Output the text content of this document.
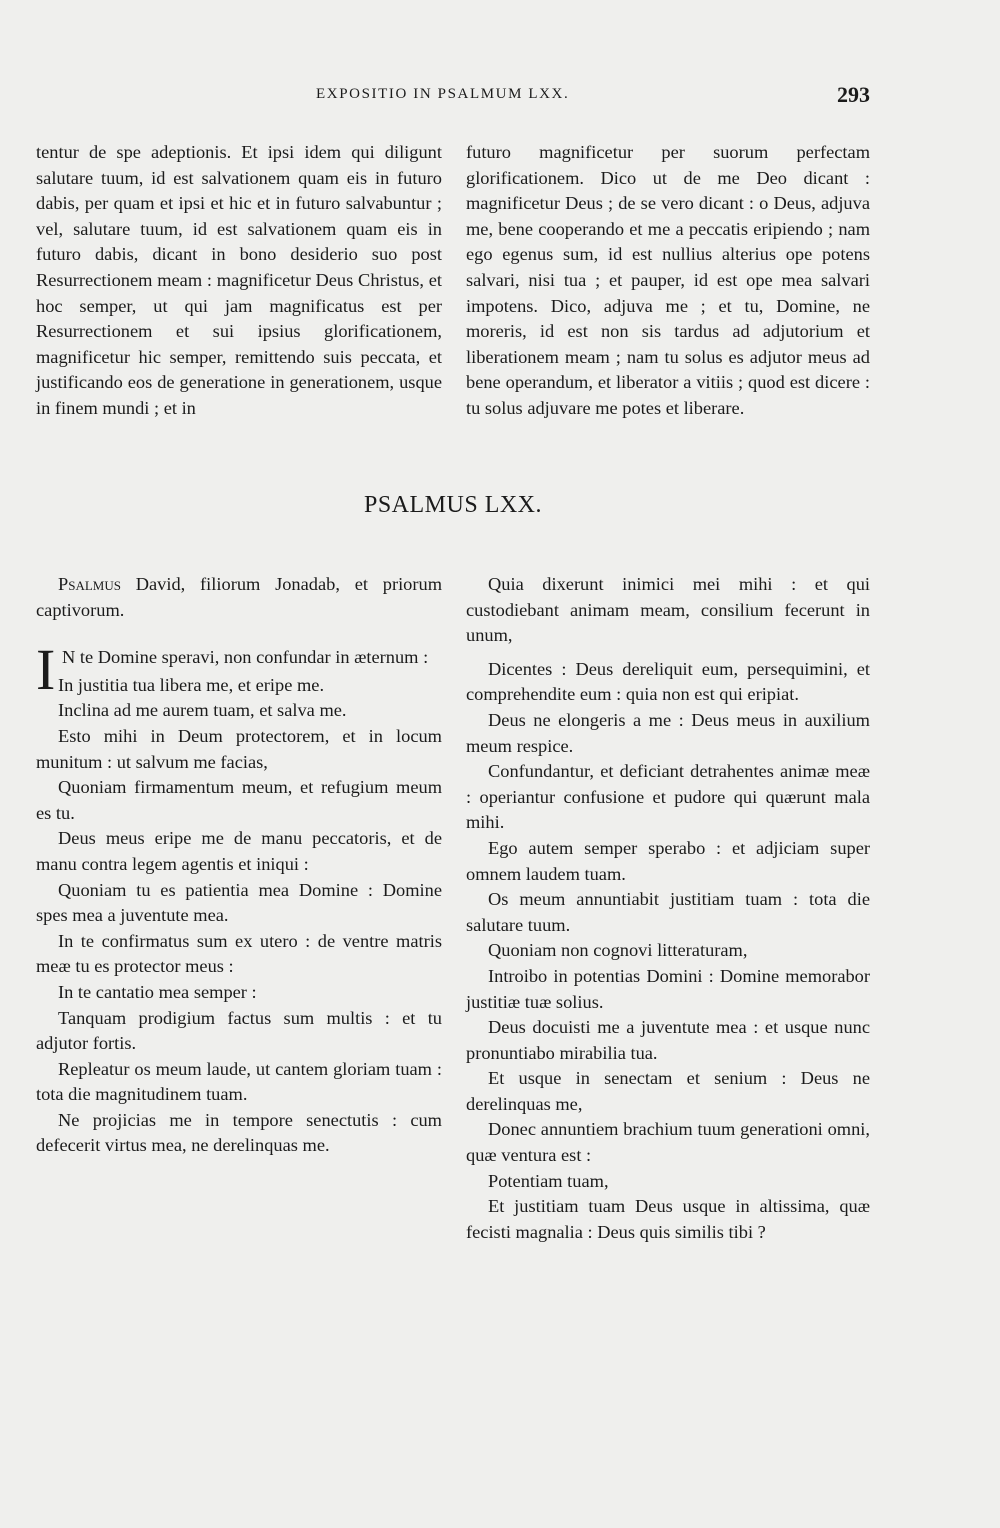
EXPOSITIO IN PSALMUM LXX.	293

tentur de spe adeptionis. Et ipsi idem qui diligunt salutare tuum, id est salvationem quam eis in futuro dabis, per quam et ipsi et hic et in futuro salvabuntur ; vel, salutare tuum, id est salvationem quam eis in futuro dabis, dicant in bono desiderio suo post Resurrectionem meam : magnificetur Deus Christus, et hoc semper, ut qui jam magnificatus est per Resurrectionem et sui ipsius glorificationem, magnificetur hic semper, remittendo suis peccata, et justificando eos de generatione in generationem, usque in finem mundi ; et in

futuro magnificetur per suorum perfectam glorificationem. Dico ut de me Deo dicant : magnificetur Deus ; de se vero dicant : o Deus, adjuva me, bene cooperando et me a peccatis eripiendo ; nam ego egenus sum, id est nullius alterius ope potens salvari, nisi tua ; et pauper, id est ope mea salvari impotens. Dico, adjuva me ; et tu, Domine, ne moreris, id est non sis tardus ad adjutorium et liberationem meam ; nam tu solus es adjutor meus ad bene operandum, et liberator a vitiis ; quod est dicere : tu solus adjuvare me potes et liberare.

PSALMUS LXX.

Psalmus David, filiorum Jonadab, et priorum captivorum.

I N te Domine speravi, non confundar in æternum :

In justitia tua libera me, et eripe me.

Inclina ad me aurem tuam, et salva me.

Esto mihi in Deum protectorem, et in locum munitum : ut salvum me facias,

Quoniam firmamentum meum, et refugium meum es tu.

Deus meus eripe me de manu peccatoris, et de manu contra legem agentis et iniqui :

Quoniam tu es patientia mea Domine : Domine spes mea a juventute mea.

In te confirmatus sum ex utero : de ventre matris meæ tu es protector meus :

In te cantatio mea semper :

Tanquam prodigium factus sum multis : et tu adjutor fortis.

Repleatur os meum laude, ut cantem gloriam tuam : tota die magnitudinem tuam.

Ne projicias me in tempore senectutis : cum defecerit virtus mea, ne derelinquas me.

Quia dixerunt inimici mei mihi : et qui custodiebant animam meam, consilium fecerunt in unum,

Dicentes : Deus dereliquit eum, persequimini, et comprehendite eum : quia non est qui eripiat.

Deus ne elongeris a me : Deus meus in auxilium meum respice.

Confundantur, et deficiant detrahentes animæ meæ : operiantur confusione et pudore qui quærunt mala mihi.

Ego autem semper sperabo : et adjiciam super omnem laudem tuam.

Os meum annuntiabit justitiam tuam : tota die salutare tuum.

Quoniam non cognovi litteraturam,

Introibo in potentias Domini : Domine memorabor justitiæ tuæ solius.

Deus docuisti me a juventute mea : et usque nunc pronuntiabo mirabilia tua.

Et usque in senectam et senium : Deus ne derelinquas me,

Donec annuntiem brachium tuum generationi omni, quæ ventura est :

Potentiam tuam,

Et justitiam tuam Deus usque in altissima, quæ fecisti magnalia : Deus quis similis tibi ?
